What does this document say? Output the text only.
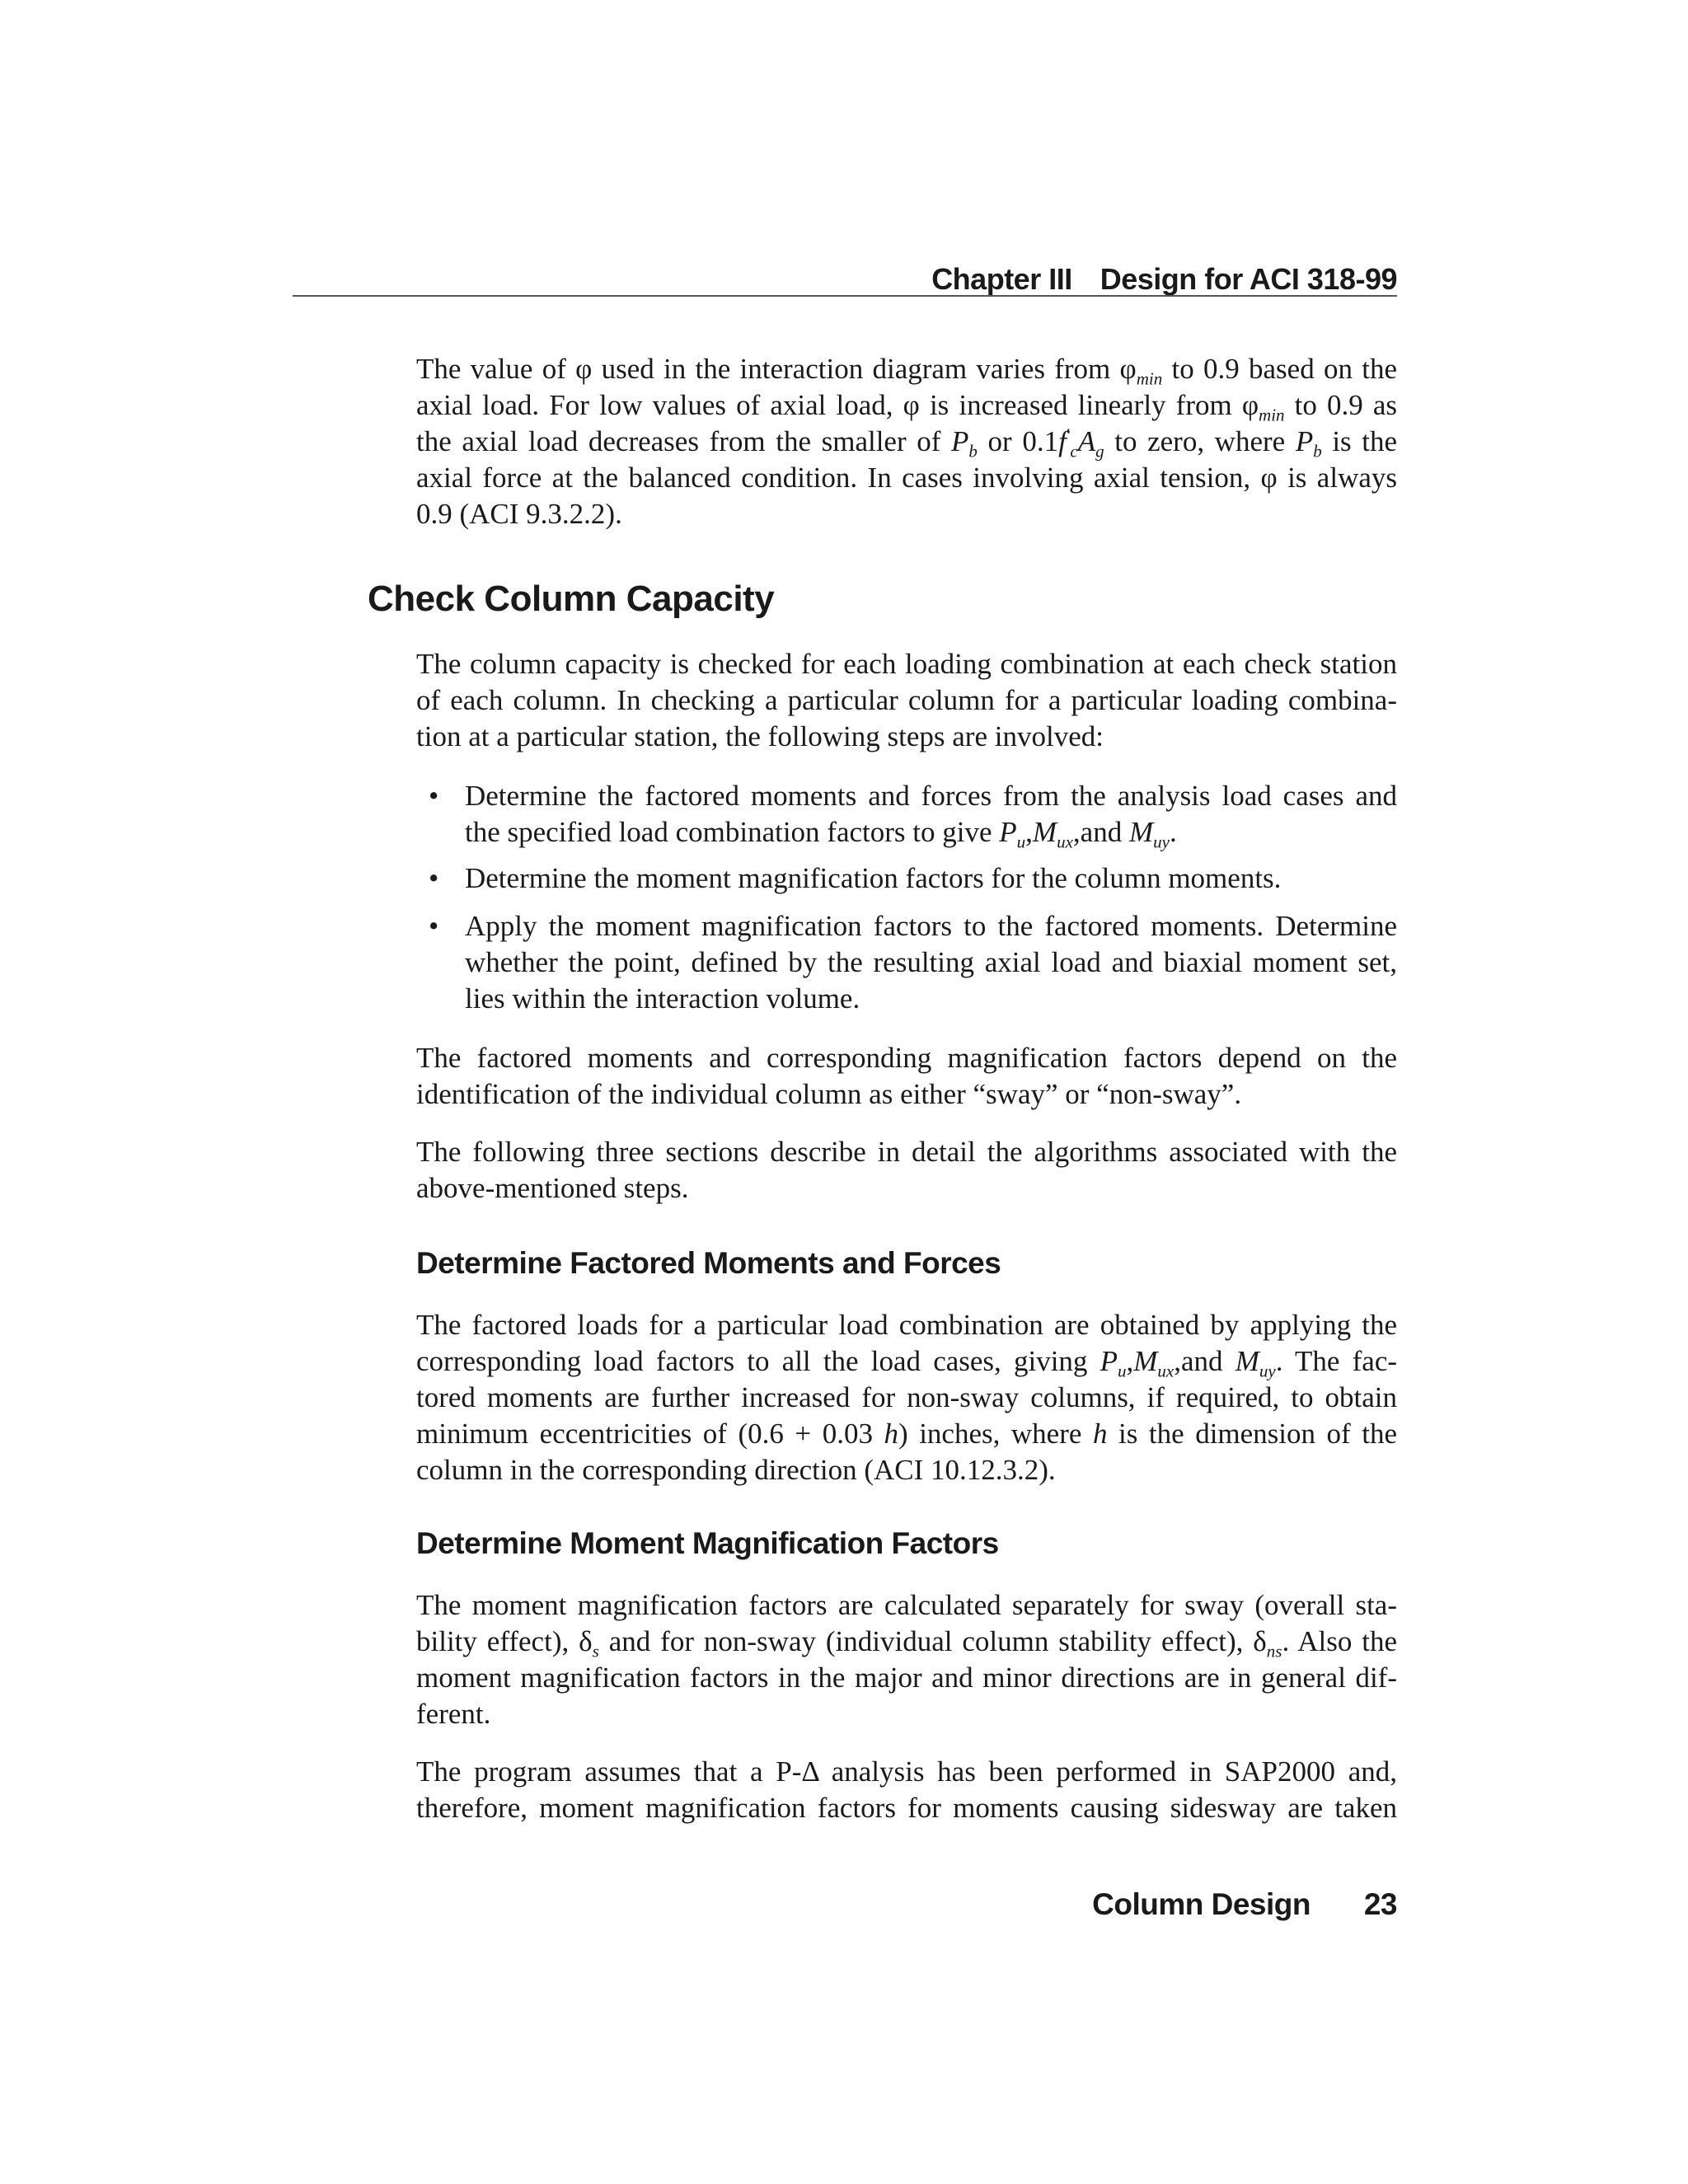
Chapter III Design for ACI 318-99
The value of φ used in the interaction diagram varies from $\varphi_{min}$ to 0.9 based on the
axial load. For low values of axial load, φ is increased linearly from $\varphi_{min}$ to 0.9 as
the axial load decreases from the smaller of $P_b$ or $0.1f'_cA_g$ to zero, where $P_b$ is the
axial force at the balanced condition. In cases involving axial tension, φ is always
0.9 (ACI 9.3.2.2).
Check Column Capacity
The column capacity is checked for each loading combination at each check station
of each column. In checking a particular column for a particular loading combina-
tion at a particular station, the following steps are involved:
• Determine the factored moments and forces from the analysis load cases and
the specified load combination factors to give $P_u,M_{ux},and$ $M_{uy}$.
• Determine the moment magnification factors for the column moments.
• Apply the moment magnification factors to the factored moments. Determine
whether the point, defined by the resulting axial load and biaxial moment set,
lies within the interaction volume.
The factored moments and corresponding magnification factors depend on the
identification of the individual column as either “sway” or “non-sway”.
The following three sections describe in detail the algorithms associated with the
above-mentioned steps.
Determine Factored Moments and Forces
The factored loads for a particular load combination are obtained by applying the
corresponding load factors to all the load cases, giving $P_u,M_{ux},and$ $M_{uy}$. The fac-
tored moments are further increased for non-sway columns, if required, to obtain
minimum eccentricities of (0.6 + 0.03 h) inches, where h is the dimension of the
column in the corresponding direction (ACI 10.12.3.2).
Determine Moment Magnification Factors
The moment magnification factors are calculated separately for sway (overall sta-
bility effect), $\delta_s$ and for non-sway (individual column stability effect), $\delta_{ns}$. Also the
moment magnification factors in the major and minor directions are in general dif-
ferent.
The program assumes that a P-Δ analysis has been performed in SAP2000 and,
therefore, moment magnification factors for moments causing sidesway are taken
Column Design	23
